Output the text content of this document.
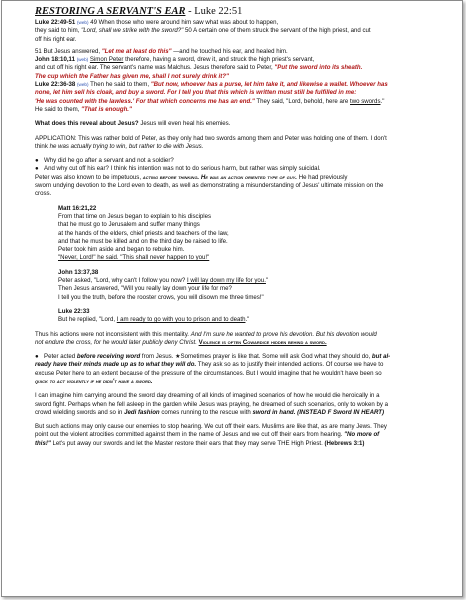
RESTORING A SERVANT'S EAR - Luke 22:51

Luke 22:49-51 (web) 49 When those who were around him saw what was about to happen,

they said to him, "Lord, shall we strike with the sword?" 50 A certain one of them struck the servant of the high priest, and cut

off his right ear.

51 But Jesus answered, "Let me at least do this" —and he touched his ear, and healed him.

John 18:10,11 (web) Simon Peter therefore, having a sword, drew it, and struck the high priest's servant,

and cut off his right ear. The servant's name was Malchus. Jesus therefore said to Peter, "Put the sword into its sheath.

The cup which the Father has given me, shall I not surely drink it?"

Luke 22:36-38 (web) Then he said to them, "But now, whoever has a purse, let him take it, and likewise a wallet. Whoever has

none, let him sell his cloak, and buy a sword. For I tell you that this which is written must still be fulfilled in me:

'He was counted with the lawless.' For that which concerns me has an end." They said, "Lord, behold, here are two swords."

He said to them, "That is enough."

What does this reveal about Jesus? Jesus will even heal his enemies.

APPLICATION: This was rather bold of Peter, as they only had two swords among them and Peter was holding one of them. I don't

think he was actually trying to win, but rather to die with Jesus.

● Why did he go after a servant and not a soldier?

● And why cut off his ear? I think his intention was not to do serious harm, but rather was simply suicidal.

Peter was also known to be impetuous, acting before thinking. He was an action oriented type of guy. He had previously

sworn undying devotion to the Lord even to death, as well as demonstrating a misunderstanding of Jesus' ultimate mission on the

cross.

Matt 16:21,22

From that time on Jesus began to explain to his disciples

that he must go to Jerusalem and suffer many things

at the hands of the elders, chief priests and teachers of the law,

and that he must be killed and on the third day be raised to life.

Peter took him aside and began to rebuke him.

"Never, Lord!" he said. "This shall never happen to you!"

John 13:37,38

Peter asked, "Lord, why can't I follow you now? I will lay down my life for you."

Then Jesus answered, "Will you really lay down your life for me?

I tell you the truth, before the rooster crows, you will disown me three times!"

Luke 22:33

But he replied, "Lord, I am ready to go with you to prison and to death."

Thus his actions were not inconsistent with this mentality. And I'm sure he wanted to prove his devotion. But his devotion would

not endure the cross, for he would later publicly deny Christ. Violence is often Cowardice hidden behind a sword.

● Peter acted before receiving word from Jesus. ★Sometimes prayer is like that. Some will ask God what they should do, but al-

ready have their minds made up as to what they will do. They ask so as to justify their intended actions. Of course we have to

excuse Peter here to an extent because of the pressure of the circumstances. But I would imagine that he wouldn't have been so

quick to act violently if he didn't have a sword.

I can imagine him carrying around the sword day dreaming of all kinds of imagined scenarios of how he would die heroically in a

sword fight. Perhaps when he fell asleep in the garden while Jesus was praying, he dreamed of such scenarios, only to woken by a

crowd wielding swords and so in Jedi fashion comes running to the rescue with sword in hand. (INSTEAD F Sword IN HEART)

But such actions may only cause our enemies to stop hearing. We cut off their ears. Muslims are like that, as are many Jews. They

point out the violent atrocities committed against them in the name of Jesus and we cut off their ears from hearing. "No more of

this!" Let's put away our swords and let the Master restore their ears that they may serve THE High Priest. (Hebrews 3:1)
